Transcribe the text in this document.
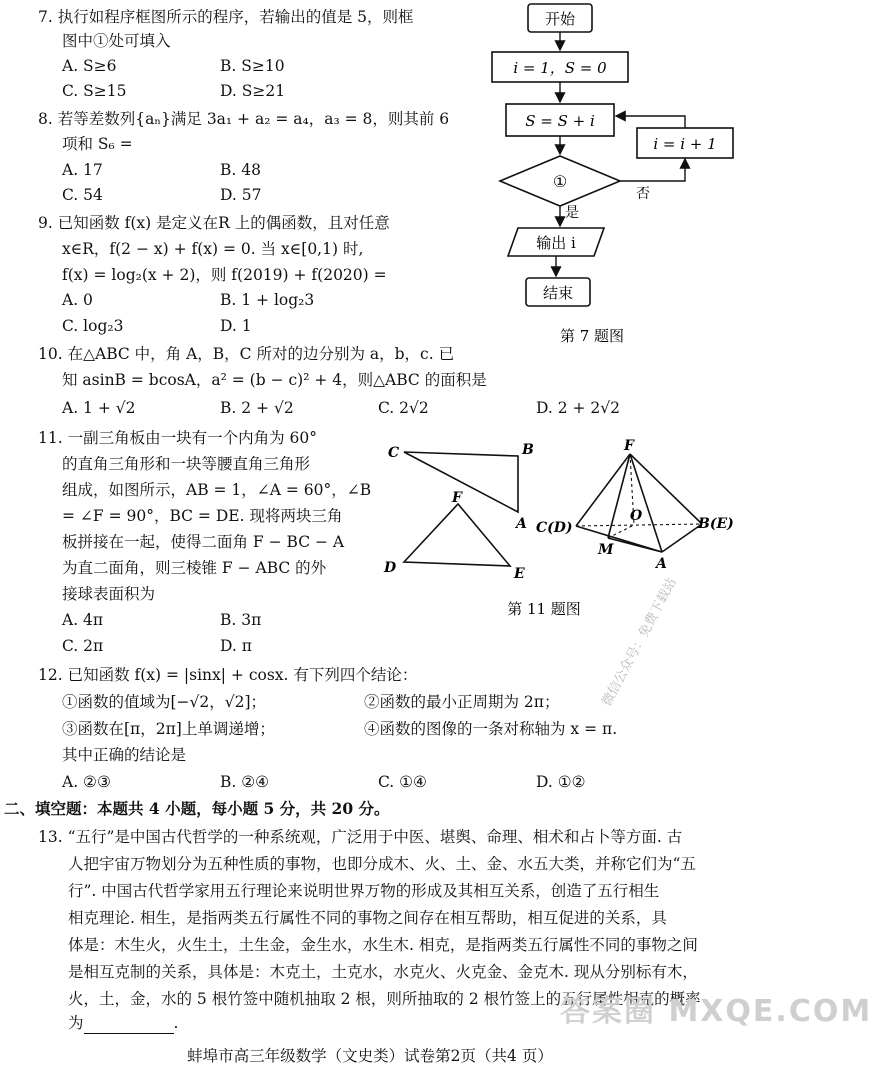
7. 执行如程序框图所示的程序，若输出的值是 5，则框
图中①处可填入
A. S≥6	B. S≥10
C. S≥15	D. S≥21
8. 若等差数列{aₙ}满足 3a₁ + a₂ = a₄，a₃ = 8，则其前 6
项和 S₆ =
A. 17	B. 48
C. 54	D. 57
9. 已知函数 f(x) 是定义在R 上的偶函数，且对任意
x∈R，f(2 − x) + f(x) = 0. 当 x∈[0,1) 时,
f(x) = log₂(x + 2)，则 f(2019) + f(2020) =
A. 0	B. 1 + log₂3
C. log₂3	D. 1
开始
i = 1，S = 0
S = S + i
①
否
i = i + 1
是
输出 i
结束
第 7 题图
10. 在△ABC 中，角 A，B，C 所对的边分别为 a，b，c. 已
知 asinB = bcosA，a² = (b − c)² + 4，则△ABC 的面积是
A. 1 + √2	B. 2 + √2	C. 2√2	D. 2 + 2√2
11. 一副三角板由一块有一个内角为 60°
的直角三角形和一块等腰直角三角形
组成，如图所示，AB = 1，∠A = 60°，∠B
= ∠F = 90°，BC = DE. 现将两块三角
板拼接在一起，使得二面角 F − BC − A
为直二面角，则三棱锥 F − ABC 的外
接球表面积为
A. 4π	B. 3π
C. 2π	D. π
C	B
A
F
D	E
F
C(D)
O	B(E)
M
A
第 11 题图 微信公众号：免费下载站
12. 已知函数 f(x) = |sinx| + cosx. 有下列四个结论：
①函数的值域为[−√2，√2]；	②函数的最小正周期为 2π；
③函数在[π，2π]上单调递增；	④函数的图像的一条对称轴为 x = π.
其中正确的结论是
A. ②③	B. ②④	C. ①④	D. ①②
二、填空题：本题共 4 小题，每小题 5 分，共 20 分。
13. “五行”是中国古代哲学的一种系统观，广泛用于中医、堪舆、命理、相术和占卜等方面. 古
人把宇宙万物划分为五种性质的事物，也即分成木、火、土、金、水五大类，并称它们为“五
行”. 中国古代哲学家用五行理论来说明世界万物的形成及其相互关系，创造了五行相生
相克理论. 相生，是指两类五行属性不同的事物之间存在相互帮助，相互促进的关系，具
体是：木生火，火生土，土生金，金生水，水生木. 相克，是指两类五行属性不同的事物之间
是相互克制的关系，具体是：木克土，土克水，水克火、火克金、金克木. 现从分别标有木，
火，土，金，水的 5 根竹签中随机抽取 2 根，则所抽取的 2 根竹签上的五行属性相克的概率
为	.	答案圈 MXQE.COM
蚌埠市高三年级数学（文史类）试卷第2页（共4 页）
